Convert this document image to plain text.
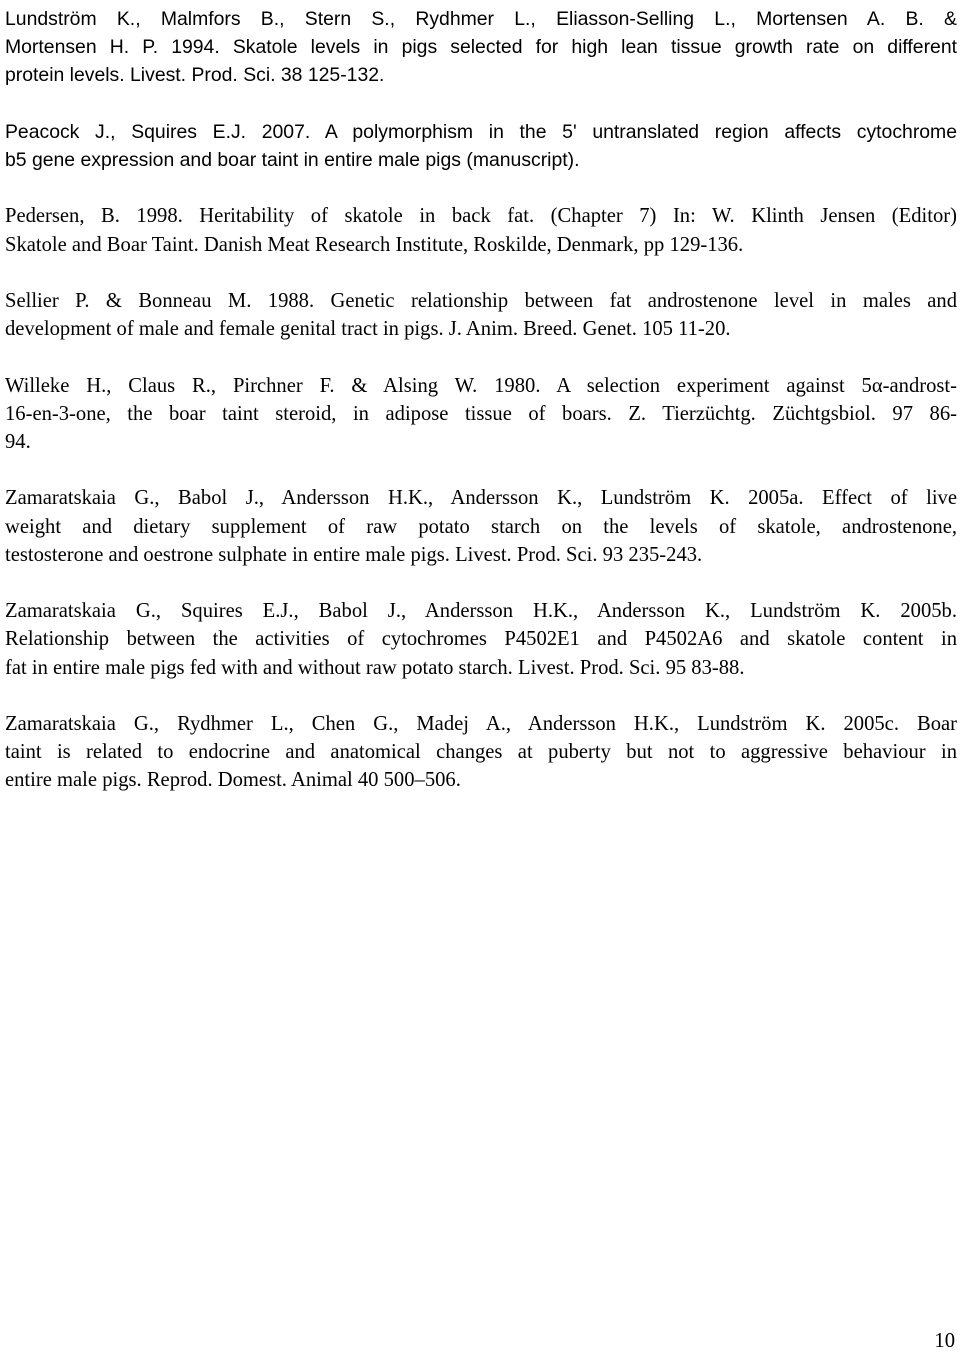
Lundström K., Malmfors B., Stern S., Rydhmer L., Eliasson-Selling L., Mortensen A. B. &
Mortensen H. P. 1994. Skatole levels in pigs selected for high lean tissue growth rate on different
protein levels. Livest. Prod. Sci. 38 125-132.
Peacock J., Squires E.J. 2007. A polymorphism in the 5' untranslated region affects cytochrome
b5 gene expression and boar taint in entire male pigs (manuscript).
Pedersen, B. 1998. Heritability of skatole in back fat. (Chapter 7) In: W. Klinth Jensen (Editor)
Skatole and Boar Taint. Danish Meat Research Institute, Roskilde, Denmark, pp 129-136.
Sellier P. & Bonneau M. 1988. Genetic relationship between fat androstenone level in males and
development of male and female genital tract in pigs. J. Anim. Breed. Genet. 105 11-20.
Willeke H., Claus R., Pirchner F. & Alsing W. 1980. A selection experiment against 5α-androst-
16-en-3-one, the boar taint steroid, in adipose tissue of boars. Z. Tierzüchtg. Züchtgsbiol. 97 86-
94.
Zamaratskaia G., Babol J., Andersson H.K., Andersson K., Lundström K. 2005a. Effect of live
weight and dietary supplement of raw potato starch on the levels of skatole, androstenone,
testosterone and oestrone sulphate in entire male pigs. Livest. Prod. Sci. 93 235-243.
Zamaratskaia G., Squires E.J., Babol J., Andersson H.K., Andersson K., Lundström K. 2005b.
Relationship between the activities of cytochromes P4502E1 and P4502A6 and skatole content in
fat in entire male pigs fed with and without raw potato starch. Livest. Prod. Sci. 95 83-88.
Zamaratskaia G., Rydhmer L., Chen G., Madej A., Andersson H.K., Lundström K. 2005c. Boar
taint is related to endocrine and anatomical changes at puberty but not to aggressive behaviour in
entire male pigs. Reprod. Domest. Animal 40 500–506.
10
